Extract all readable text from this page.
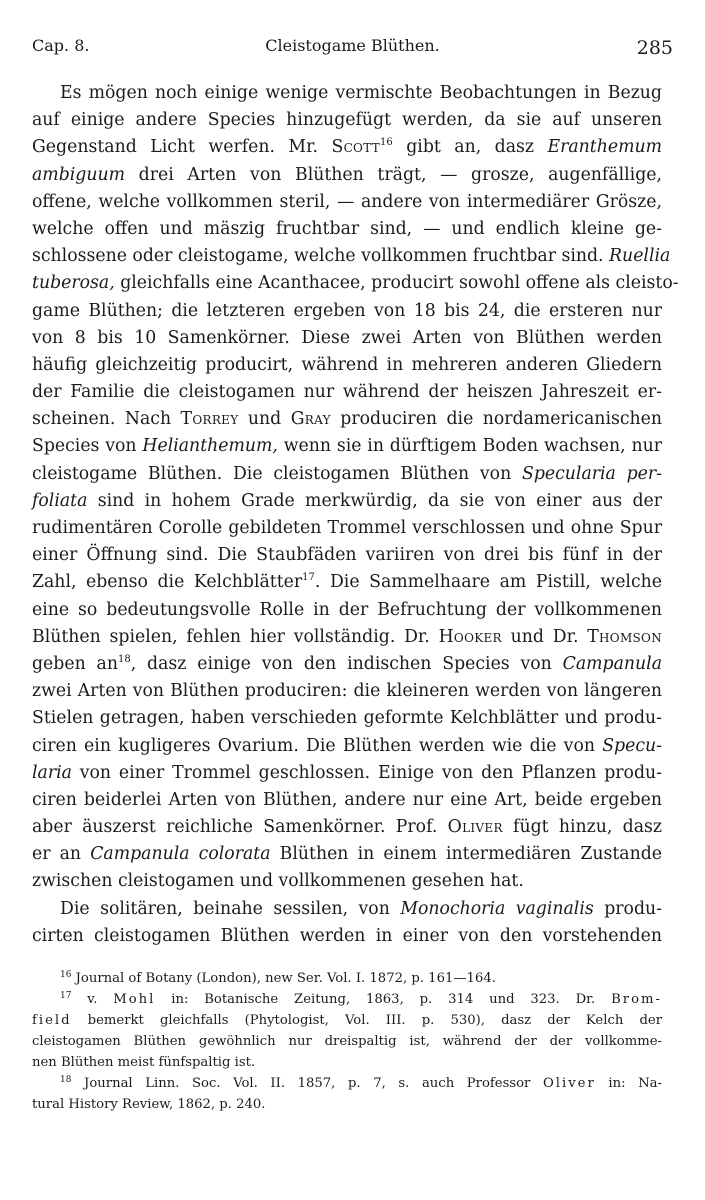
Cap. 8.	Cleistogame Blüthen.	285
Es mögen noch einige wenige vermischte Beobachtungen in Bezug
auf einige andere Species hinzugefügt werden, da sie auf unseren
Gegenstand Licht werfen. Mr. Scott$^{16}$ gibt an, dasz Eranthemum
ambiguum drei Arten von Blüthen trägt, — grosze, augenfällige,
offene, welche vollkommen steril, — andere von intermediärer Grösze,
welche offen und mäszig fruchtbar sind, — und endlich kleine ge-
schlossene oder cleistogame, welche vollkommen fruchtbar sind. Ruellia
tuberosa, gleichfalls eine Acanthacee, producirt sowohl offene als cleisto-
game Blüthen; die letzteren ergeben von 18 bis 24, die ersteren nur
von 8 bis 10 Samenkörner. Diese zwei Arten von Blüthen werden
häufig gleichzeitig producirt, während in mehreren anderen Gliedern
der Familie die cleistogamen nur während der heiszen Jahreszeit er-
scheinen. Nach Torrey und Gray produciren die nordamericanischen
Species von Helianthemum, wenn sie in dürftigem Boden wachsen, nur
cleistogame Blüthen. Die cleistogamen Blüthen von Specularia per-
foliata sind in hohem Grade merkwürdig, da sie von einer aus der
rudimentären Corolle gebildeten Trommel verschlossen und ohne Spur
einer Öffnung sind. Die Staubfäden variiren von drei bis fünf in der
Zahl, ebenso die Kelchblätter$^{17}$. Die Sammelhaare am Pistill, welche
eine so bedeutungsvolle Rolle in der Befruchtung der vollkommenen
Blüthen spielen, fehlen hier vollständig. Dr. Hooker und Dr. Thomson
geben $an^{18}$, dasz einige von den indischen Species von Campanula
zwei Arten von Blüthen produciren: die kleineren werden von längeren
Stielen getragen, haben verschieden geformte Kelchblätter und produ-
ciren ein kugligeres Ovarium. Die Blüthen werden wie die von Specu-
laria von einer Trommel geschlossen. Einige von den Pflanzen produ-
ciren beiderlei Arten von Blüthen, andere nur eine Art, beide ergeben
aber äuszerst reichliche Samenkörner. Prof. Oliver fügt hinzu, dasz
er an Campanula colorata Blüthen in einem intermediären Zustande
zwischen cleistogamen und vollkommenen gesehen hat.
Die solitären, beinahe sessilen, von Monochoria vaginalis produ-
cirten cleistogamen Blüthen werden in einer von den vorstehenden
$^{16}$ Journal of Botany (London), new Ser. Vol. I. 1872, p. 161—164.
$^{17}$ v. Mohl in: Botanische Zeitung, 1863, p. 314 und 323. Dr. Brom-
field bemerkt gleichfalls (Phytologist, Vol. III. p. 530), dasz der Kelch der
cleistogamen Blüthen gewöhnlich nur dreispaltig ist, während der der vollkomme-
nen Blüthen meist fünfspaltig ist.
$^{18}$ Journal Linn. Soc. Vol. II. 1857, p. 7, s. auch Professor Oliver in: Na-
tural History Review, 1862, p. 240.
